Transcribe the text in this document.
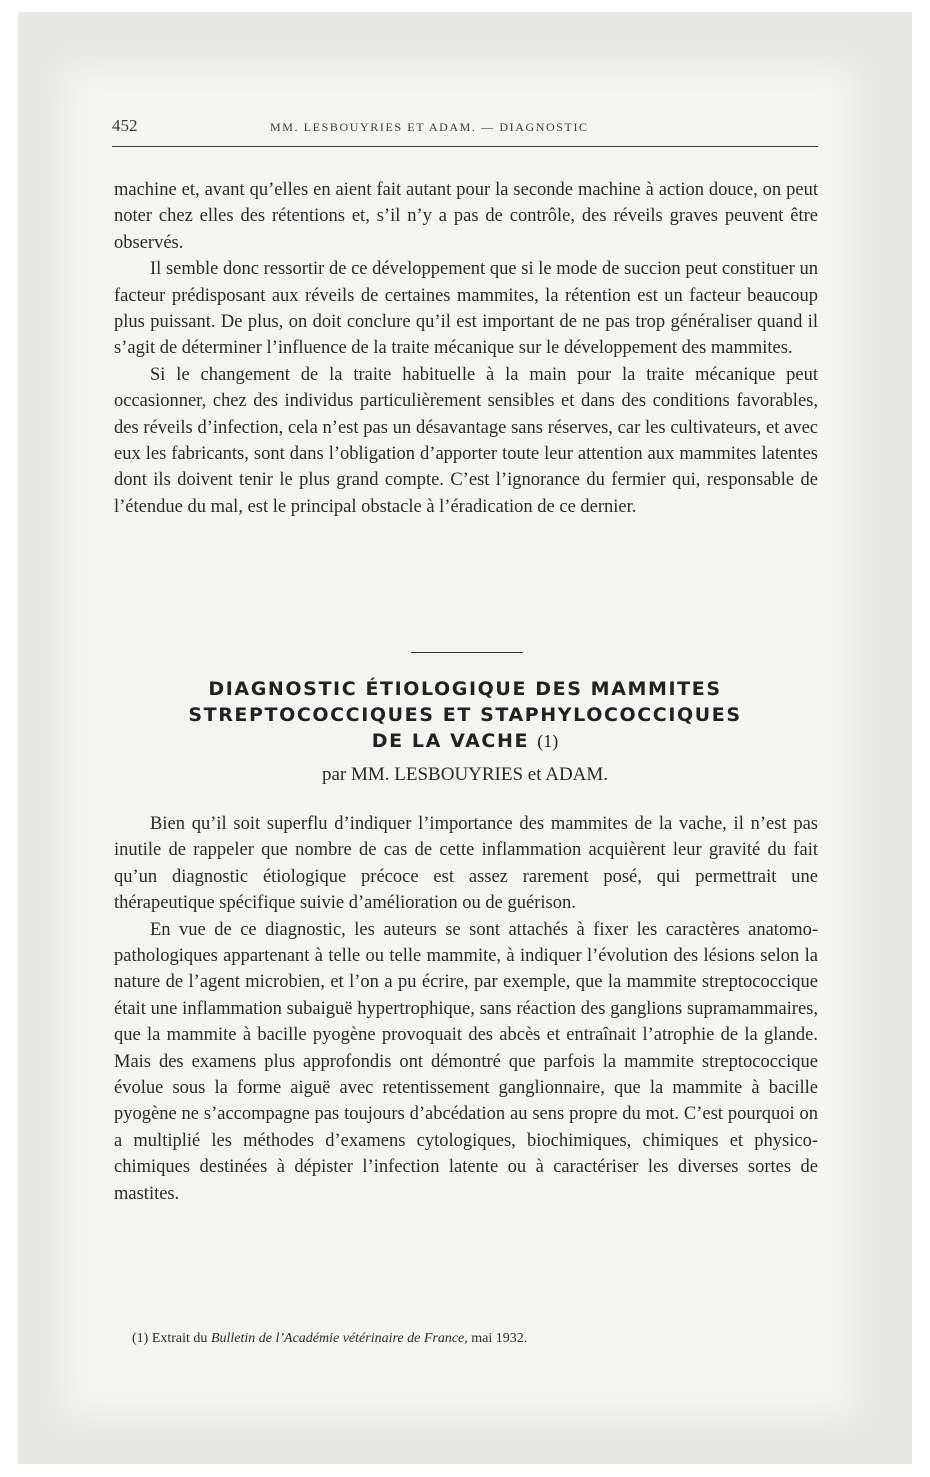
452	MM. LESBOUYRIES ET ADAM. — DIAGNOSTIC

machine et, avant qu’elles en aient fait autant pour la seconde machine à action douce, on peut noter chez elles des rétentions et, s’il n’y a pas de contrôle, des réveils graves peuvent être observés.

Il semble donc ressortir de ce développement que si le mode de succion peut constituer un facteur prédisposant aux réveils de certaines mammites, la rétention est un facteur beaucoup plus puissant. De plus, on doit conclure qu’il est important de ne pas trop généraliser quand il s’agit de déterminer l’influence de la traite mécanique sur le développement des mammites.

Si le changement de la traite habituelle à la main pour la traite mécanique peut occasionner, chez des individus particulièrement sensibles et dans des conditions favorables, des réveils d’infection, cela n’est pas un désavantage sans réserves, car les cultivateurs, et avec eux les fabricants, sont dans l’obligation d’apporter toute leur attention aux mammites latentes dont ils doivent tenir le plus grand compte. C’est l’ignorance du fermier qui, responsable de l’étendue du mal, est le principal obstacle à l’éradication de ce dernier.

DIAGNOSTIC ÉTIOLOGIQUE DES MAMMITES
STREPTOCOCCIQUES ET STAPHYLOCOCCIQUES
DE LA VACHE (1)
par MM. LESBOUYRIES et ADAM.

Bien qu’il soit superflu d’indiquer l’importance des mammites de la vache, il n’est pas inutile de rappeler que nombre de cas de cette inflammation acquièrent leur gravité du fait qu’un diagnostic étiologique précoce est assez rarement posé, qui permettrait une thérapeutique spécifique suivie d’amélioration ou de guérison.

En vue de ce diagnostic, les auteurs se sont attachés à fixer les caractères anatomo-pathologiques appartenant à telle ou telle mammite, à indiquer l’évolution des lésions selon la nature de l’agent microbien, et l’on a pu écrire, par exemple, que la mammite streptococcique était une inflammation subaiguë hypertrophique, sans réaction des ganglions supramammaires, que la mammite à bacille pyogène provoquait des abcès et entraînait l’atrophie de la glande. Mais des examens plus approfondis ont démontré que parfois la mammite streptococcique évolue sous la forme aiguë avec retentissement ganglionnaire, que la mammite à bacille pyogène ne s’accompagne pas toujours d’abcédation au sens propre du mot. C’est pourquoi on a multiplié les méthodes d’examens cytologiques, biochimiques, chimiques et physico-chimiques destinées à dépister l’infection latente ou à caractériser les diverses sortes de mastites.

(1) Extrait du Bulletin de l’Académie vétérinaire de France, mai 1932.
